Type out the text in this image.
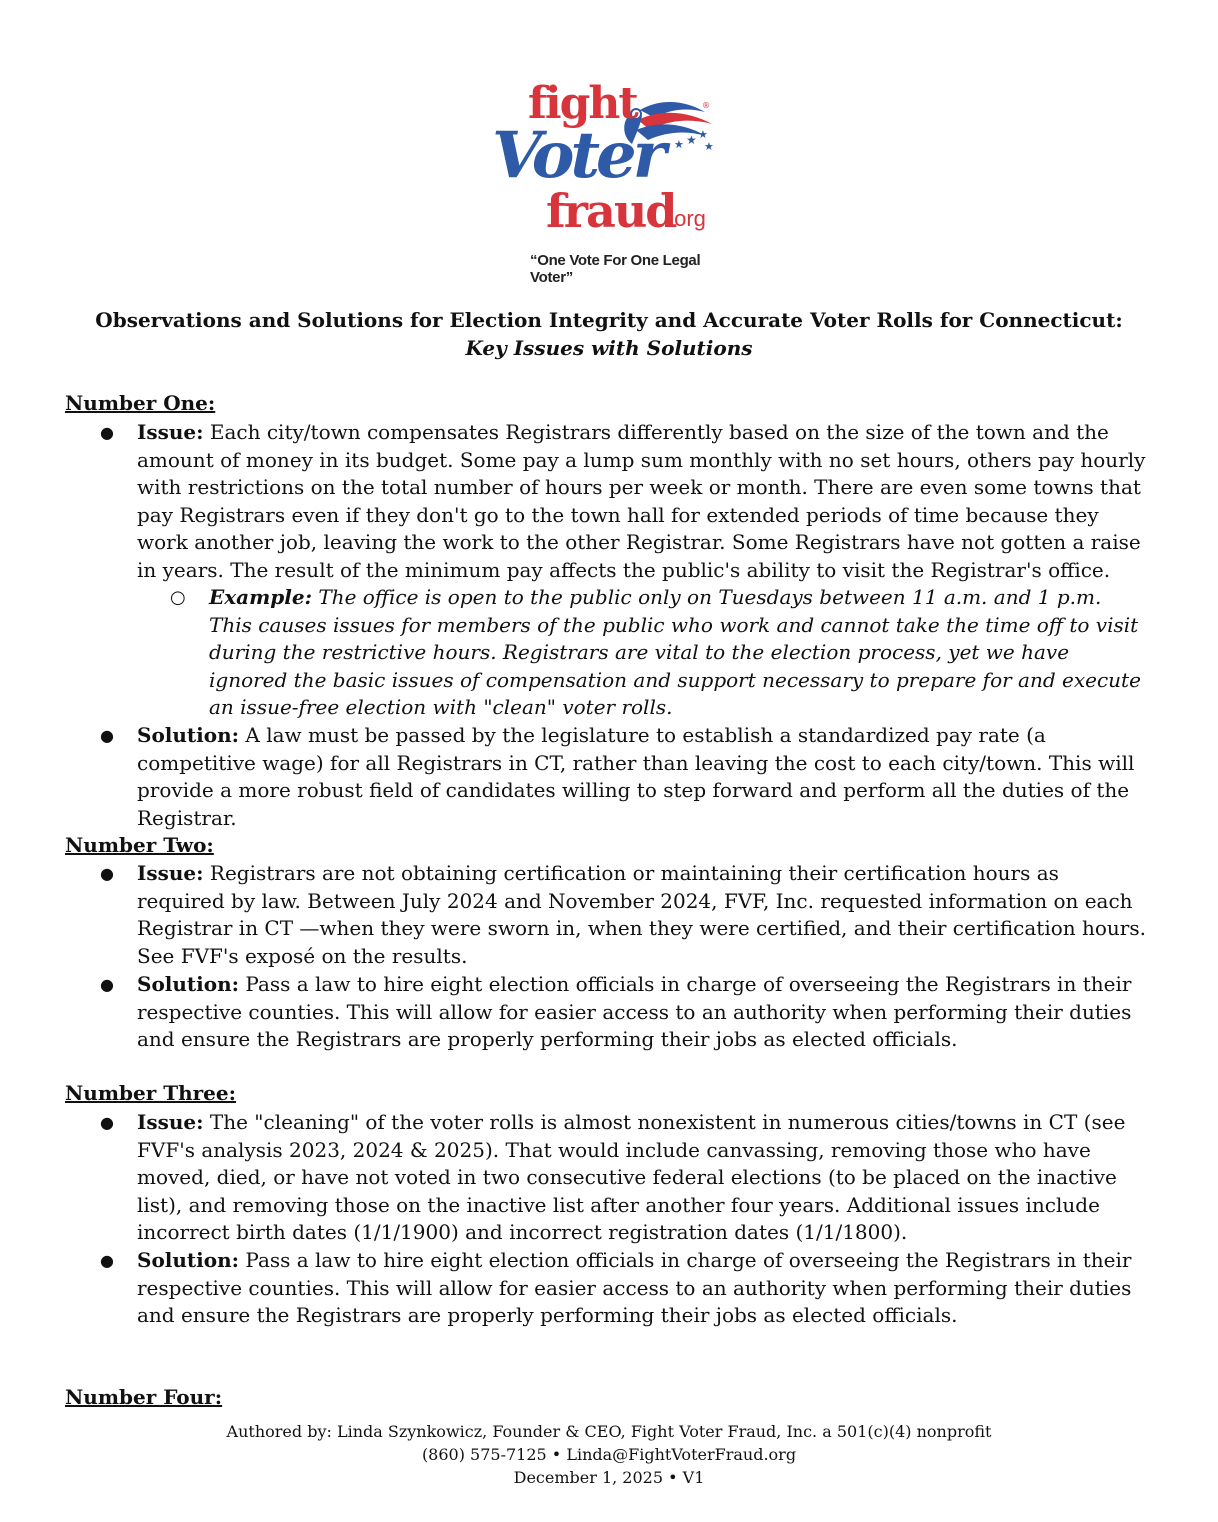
★ ★
★
★
®
fight
Voter
fraud
.org
“One Vote For One Legal Voter”
Observations and Solutions for Election Integrity and Accurate Voter Rolls for Connecticut:
Key Issues with Solutions
Number One:
● Issue: Each city/town compensates Registrars differently based on the size of the town and the amount of money in its budget. Some pay a lump sum monthly with no set hours, others pay hourly with restrictions on the total number of hours per week or month. There are even some towns that pay Registrars even if they don't go to the town hall for extended periods of time because they work another job, leaving the work to the other Registrar. Some Registrars have not gotten a raise in years. The result of the minimum pay affects the public's ability to visit the Registrar's office.
○ Example: The office is open to the public only on Tuesdays between 11 a.m. and 1 p.m. This causes issues for members of the public who work and cannot take the time off to visit during the restrictive hours. Registrars are vital to the election process, yet we have ignored the basic issues of compensation and support necessary to prepare for and execute an issue-free election with "clean" voter rolls.
● Solution: A law must be passed by the legislature to establish a standardized pay rate (a competitive wage) for all Registrars in CT, rather than leaving the cost to each city/town. This will provide a more robust field of candidates willing to step forward and perform all the duties of the Registrar.
Number Two:
● Issue: Registrars are not obtaining certification or maintaining their certification hours as required by law. Between July 2024 and November 2024, FVF, Inc. requested information on each Registrar in CT —when they were sworn in, when they were certified, and their certification hours. See FVF's exposé on the results.
● Solution: Pass a law to hire eight election officials in charge of overseeing the Registrars in their respective counties. This will allow for easier access to an authority when performing their duties and ensure the Registrars are properly performing their jobs as elected officials.
Number Three:
● Issue: The "cleaning" of the voter rolls is almost nonexistent in numerous cities/towns in CT (see FVF's analysis 2023, 2024 & 2025). That would include canvassing, removing those who have moved, died, or have not voted in two consecutive federal elections (to be placed on the inactive list), and removing those on the inactive list after another four years. Additional issues include incorrect birth dates (1/1/1900) and incorrect registration dates (1/1/1800).
● Solution: Pass a law to hire eight election officials in charge of overseeing the Registrars in their respective counties. This will allow for easier access to an authority when performing their duties and ensure the Registrars are properly performing their jobs as elected officials.
Number Four:
Authored by: Linda Szynkowicz, Founder & CEO, Fight Voter Fraud, Inc. a 501(c)(4) nonprofit
(860) 575-7125 • Linda@FightVoterFraud.org
December 1, 2025 • V1
